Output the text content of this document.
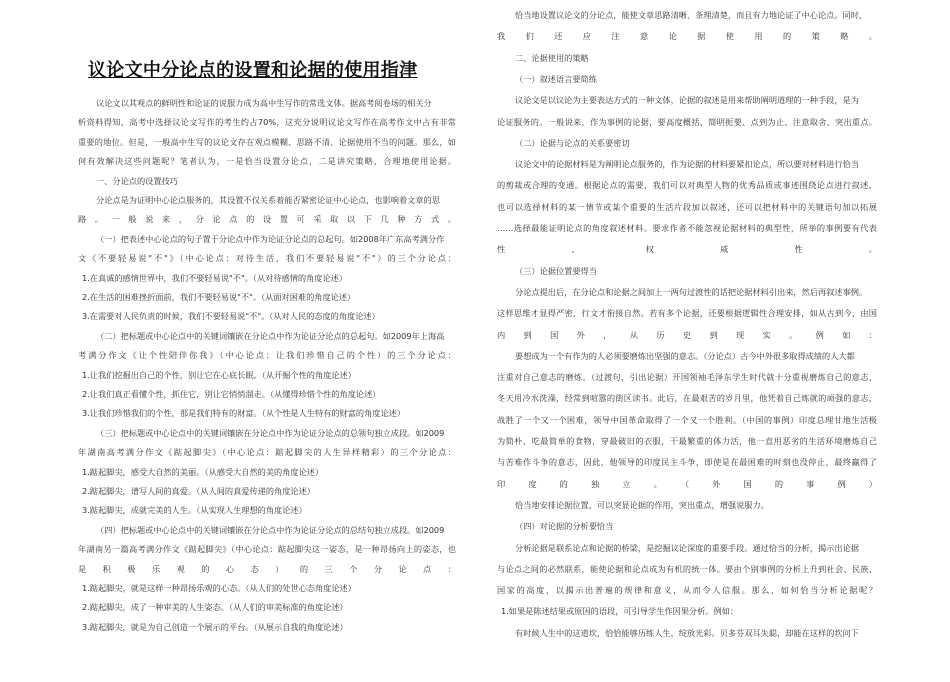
议论文中分论点的设置和论据的使用指津
议论文以其观点的鲜明性和论证的说服力成为高中生写作的常选文体。据高考阅卷场的相关分
析资料得知，高考中选择议论文写作的考生约占70%，这充分说明议论文写作在高考作文中占有非常
重要的地位。但是，一般高中生写的议论文存在观点模糊、思路不清、论据使用不当的问题。那么，如
何有效解决这些问题呢？笔者认为，一是恰当设置分论点，二是讲究策略，合理地使用论据。
一、分论点的设置技巧
分论点是为证明中心论点服务的，其设置不仅关系着能否紧密论证中心论点，也影响着文章的思
路。一般说来，分论点的设置可采取以下几种方式。
（一）把表述中心论点的句子置于分论点中作为论证分论点的总起句。如2008年广东高考满分作
文《不要轻易说"不"》（中心论点：对待生活，我们不要轻易说"不"）的三个分论点：
1.在真诚的感情世界中，我们不要轻易说"不"。（从对待感情的角度论述）
2.在生活的困难挫折面前，我们不要轻易说"不"。（从面对困难的角度论述）
3.在需要对人民负责的时候，我们不要轻易说"不"。（从对人民的态度的角度论述）
（二）把标题或中心论点中的关键词镶嵌在分论点中作为论证分论点的总起句。如2009年上海高
考满分作文《让个性陪伴你我》（中心论点：让我们珍惜自己的个性）的三个分论点：
1.让我们挖掘出自己的个性，别让它在心底长眠。（从开掘个性的角度论述）
2.让我们真正看懂个性，抓住它，别让它悄悄溜走。（从懂得珍惜个性的角度论述）
3.让我们珍惜我们的个性，那是我们特有的财富。（从个性是人生特有的财富的角度论述）
（三）把标题或中心论点中的关键词镶嵌在分论点中作为论证分论点的总领句独立成段。如2009
年湖南高考满分作文《踮起脚尖》（中心论点：踮起脚尖的人生异样精彩）的三个分论点：
1.踮起脚尖，感受大自然的美丽。（从感受大自然的美的角度论述）
2.踮起脚尖，谱写人间的真爱。（从人间的真爱传递的角度论述）
3.踮起脚尖，成就完美的人生。（从实现人生理想的角度论述）
（四）把标题或中心论点中的关键词镶嵌在分论点中作为论证分论点的总结句独立成段。如2009
年湖南另一篇高考满分作文《踮起脚尖》（中心论点：踮起脚尖这一姿态，是一种昂扬向上的姿态，也
是积极乐观的心态）的三个分论点：
1.踮起脚尖，就是这样一种昂扬乐观的心态。（从人们的处世心态角度论述）
2.踮起脚尖，成了一种审美的人生姿态。（从人们的审美标准的角度论述）
3.踮起脚尖，就是为自己创造一个展示的平台。（从展示自我的角度论述）
恰当地设置议论文的分论点，能使文章思路清晰、条理清楚，而且有力地论证了中心论点。同时，
我们还应注意论据使用的策略。
二、论据使用的策略
（一）叙述语言要简练
议论文是以议论为主要表达方式的一种文体，论据的叙述是用来帮助阐明道理的一种手段，是为
论证服务的。一般说来，作为事例的论据，要高度概括、简明扼要、点到为止、注意取舍、突出重点。
（二）论据与论点的关系要密切
议论文中的论据材料是为阐明论点服务的，作为论据的材料要紧扣论点，所以要对材料进行恰当
的剪裁或合理的变通。根据论点的需要，我们可以对典型人物的优秀品质或事迹围绕论点进行叙述，
也可以选择材料的某一情节或某个重要的生活片段加以叙述，还可以把材料中的关键语句加以拓展
……选择最能证明论点的角度叙述材料。要求作者不能忽视论据材料的典型性，所举的事例要有代表
性、权威性。
（三）论据位置要得当
分论点提出后，在分论点和论据之间加上一两句过渡性的话把论据材料引出来，然后再叙述事例。
这样思维才显得严密，行文才衔接自然。若有多个论据，还要根据逻辑性合理安排，如从古到今，由国
内到国外，从历史到现实。例如：
要想成为一个有作为的人必须要磨炼出坚强的意志。（分论点）古今中外很多取得成绩的人大都
注重对自己意志的磨炼。（过渡句，引出论据）开国领袖毛泽东学生时代就十分重视磨炼自己的意志，
冬天用冷水洗澡，经常到喧嚣的街区读书。此后，在最艰苦的岁月里，他凭着自己炼就的顽强的意志，
战胜了一个又一个困难，领导中国革命取得了一个又一个胜利。（中国的事例）印度总理甘地生活极
为简朴，吃最简单的食物，穿最破旧的衣服，干最繁重的体力活，他一直用恶劣的生活环境磨炼自己
与苦难作斗争的意志，因此，他领导的印度民主斗争，即使是在最困难的时刻也没停止，最终赢得了
印度的独立。（外国的事例）
恰当地安排论据位置，可以突显论据的作用，突出重点，增强说服力。
（四）对论据的分析要恰当
分析论据是联系论点和论据的桥梁，是挖掘议论深度的重要手段。通过恰当的分析，揭示出论据
与论点之间的必然联系，能使论据和论点成为有机的统一体。要由个别事例的分析上升到社会、民族、
国家的高度，以揭示出普遍的规律和意义，从而令人信服。那么，如何恰当分析论据呢？
1.如果是陈述结果或原因的语段，可引导学生作因果分析。例如：
有时候人生中的这道坎，恰恰能够历练人生，绽放光彩。贝多芬双耳失聪，却能在这样的坎问下
